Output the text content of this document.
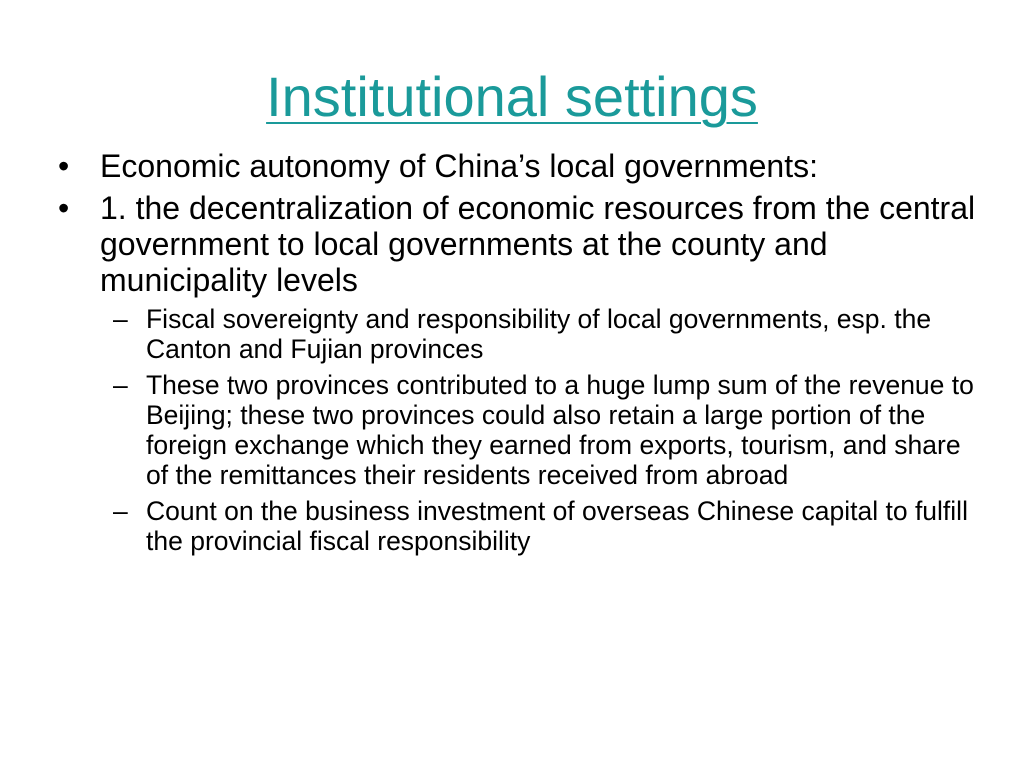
Institutional settings
• Economic autonomy of China’s local governments:
• 1. the decentralization of economic resources from the central government to local governments at the county and municipality levels
– Fiscal sovereignty and responsibility of local governments, esp. the Canton and Fujian provinces
– These two provinces contributed to a huge lump sum of the revenue to Beijing; these two provinces could also retain a large portion of the foreign exchange which they earned from exports, tourism, and share of the remittances their residents received from abroad
– Count on the business investment of overseas Chinese capital to fulfill the provincial fiscal responsibility
